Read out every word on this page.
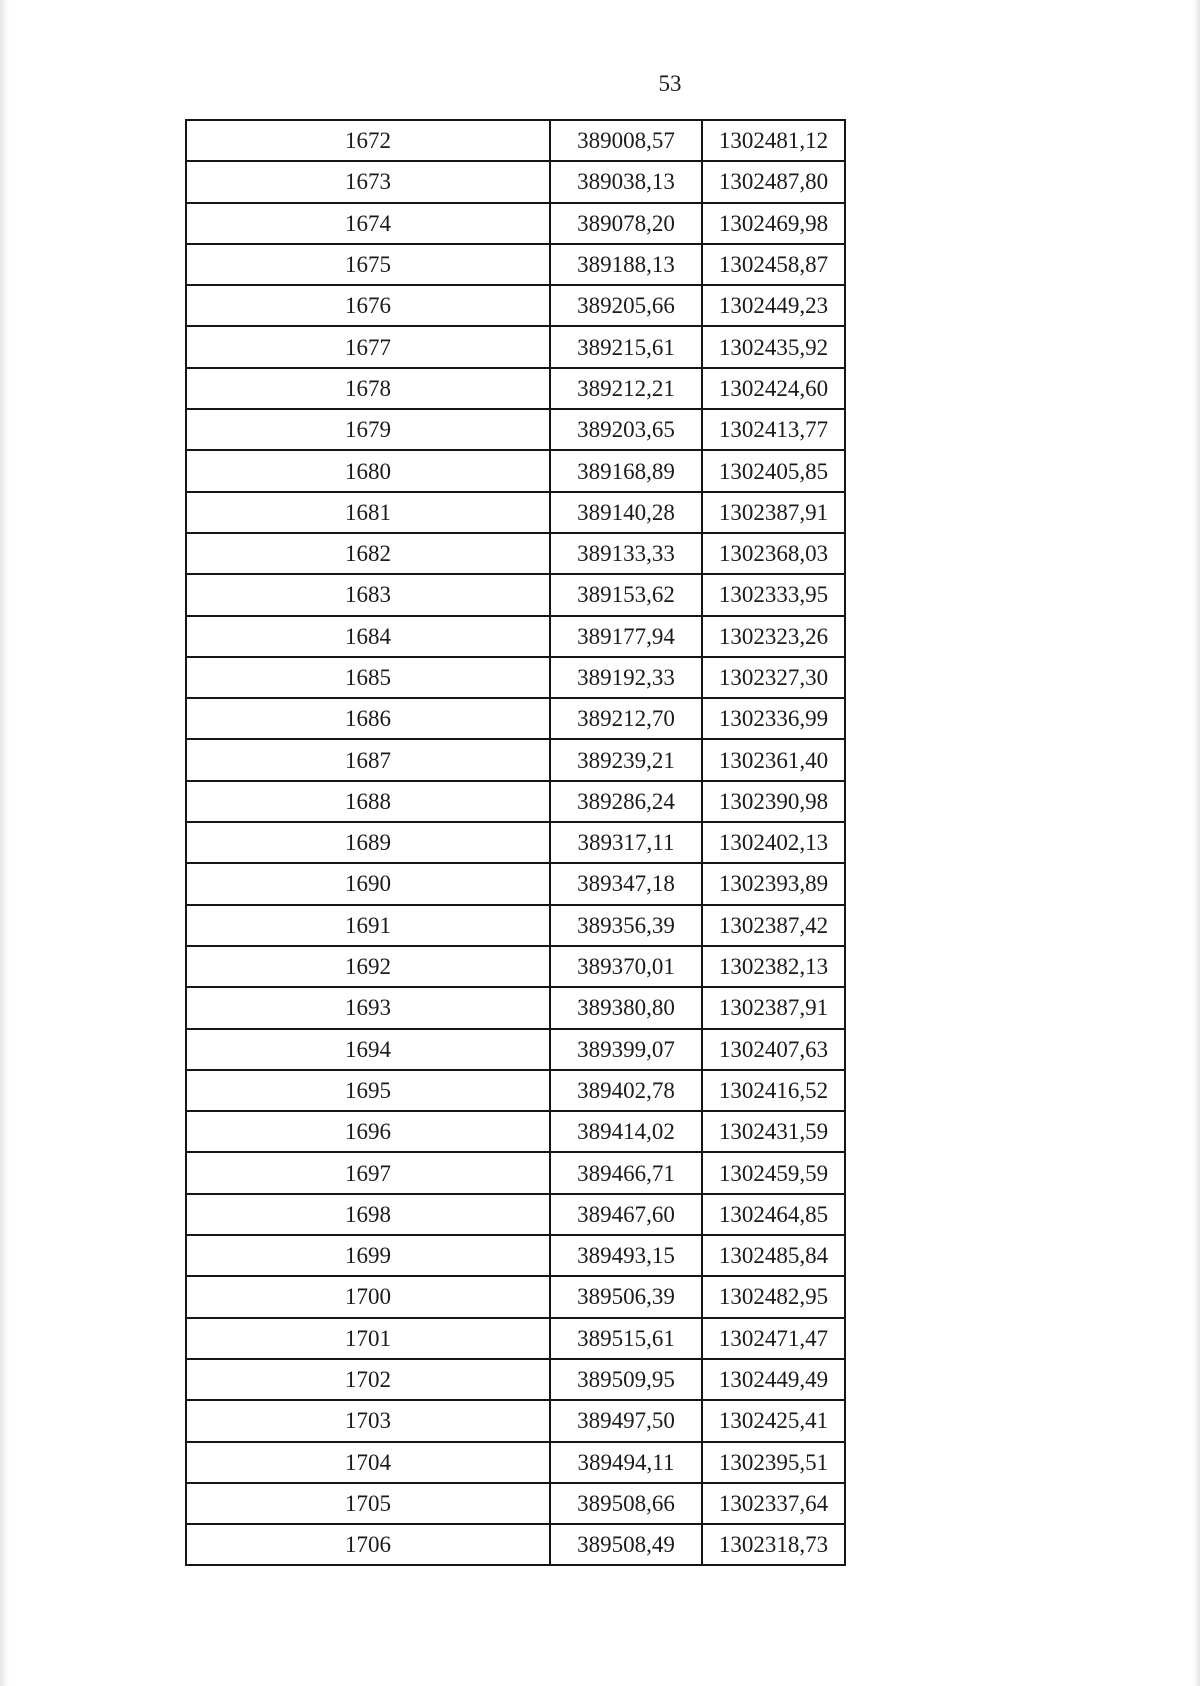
53
1672	389008,57	1302481,12
1673	389038,13	1302487,80
1674	389078,20	1302469,98
1675	389188,13	1302458,87
1676	389205,66	1302449,23
1677	389215,61	1302435,92
1678	389212,21	1302424,60
1679	389203,65	1302413,77
1680	389168,89	1302405,85
1681	389140,28	1302387,91
1682	389133,33	1302368,03
1683	389153,62	1302333,95
1684	389177,94	1302323,26
1685	389192,33	1302327,30
1686	389212,70	1302336,99
1687	389239,21	1302361,40
1688	389286,24	1302390,98
1689	389317,11	1302402,13
1690	389347,18	1302393,89
1691	389356,39	1302387,42
1692	389370,01	1302382,13
1693	389380,80	1302387,91
1694	389399,07	1302407,63
1695	389402,78	1302416,52
1696	389414,02	1302431,59
1697	389466,71	1302459,59
1698	389467,60	1302464,85
1699	389493,15	1302485,84
1700	389506,39	1302482,95
1701	389515,61	1302471,47
1702	389509,95	1302449,49
1703	389497,50	1302425,41
1704	389494,11	1302395,51
1705	389508,66	1302337,64
1706	389508,49	1302318,73
